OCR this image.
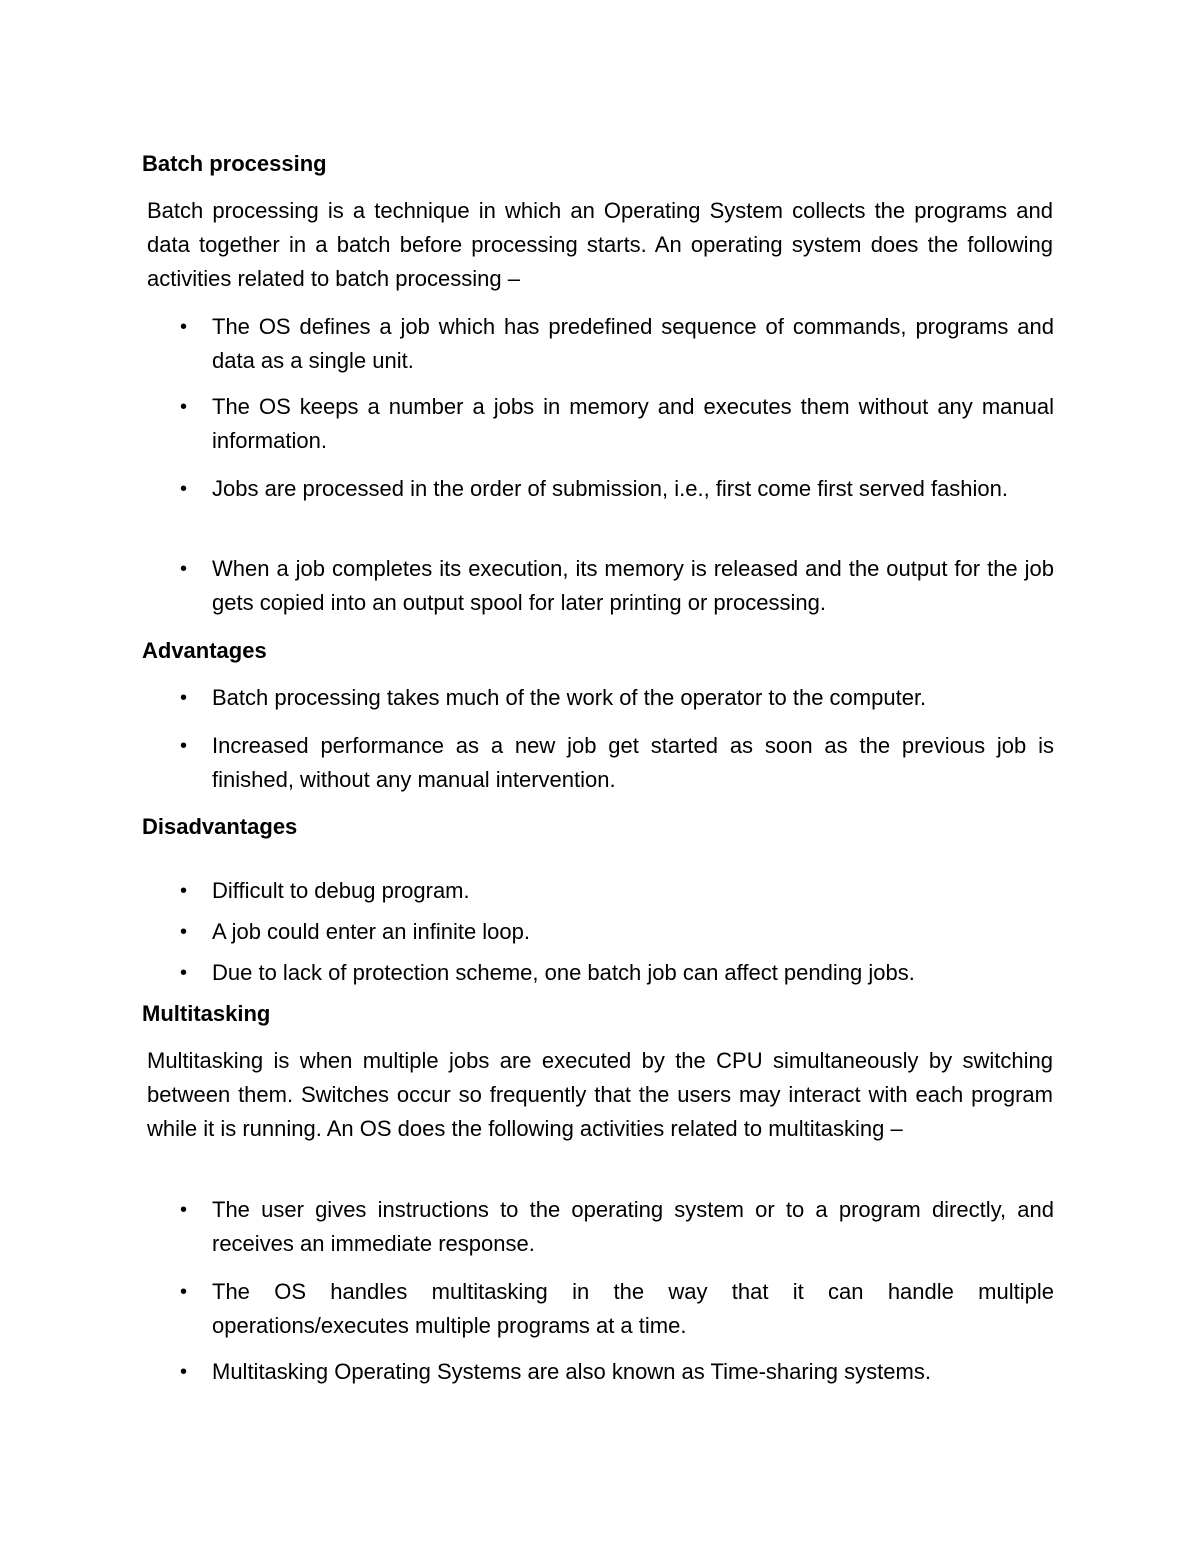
Batch processing

Batch processing is a technique in which an Operating System collects the programs and data together in a batch before processing starts. An operating system does the following activities related to batch processing –

• The OS defines a job which has predefined sequence of commands, programs and data as a single unit.
• The OS keeps a number a jobs in memory and executes them without any manual information.
• Jobs are processed in the order of submission, i.e., first come first served fashion.
• When a job completes its execution, its memory is released and the output for the job gets copied into an output spool for later printing or processing.
Advantages
• Batch processing takes much of the work of the operator to the computer.
• Increased performance as a new job get started as soon as the previous job is finished, without any manual intervention.
Disadvantages
• Difficult to debug program.
• A job could enter an infinite loop.
• Due to lack of protection scheme, one batch job can affect pending jobs.
Multitasking

Multitasking is when multiple jobs are executed by the CPU simultaneously by switching between them. Switches occur so frequently that the users may interact with each program while it is running. An OS does the following activities related to multitasking –

• The user gives instructions to the operating system or to a program directly, and receives an immediate response.
• The OS handles multitasking in the way that it can handle multiple operations/executes multiple programs at a time.
• Multitasking Operating Systems are also known as Time-sharing systems.
